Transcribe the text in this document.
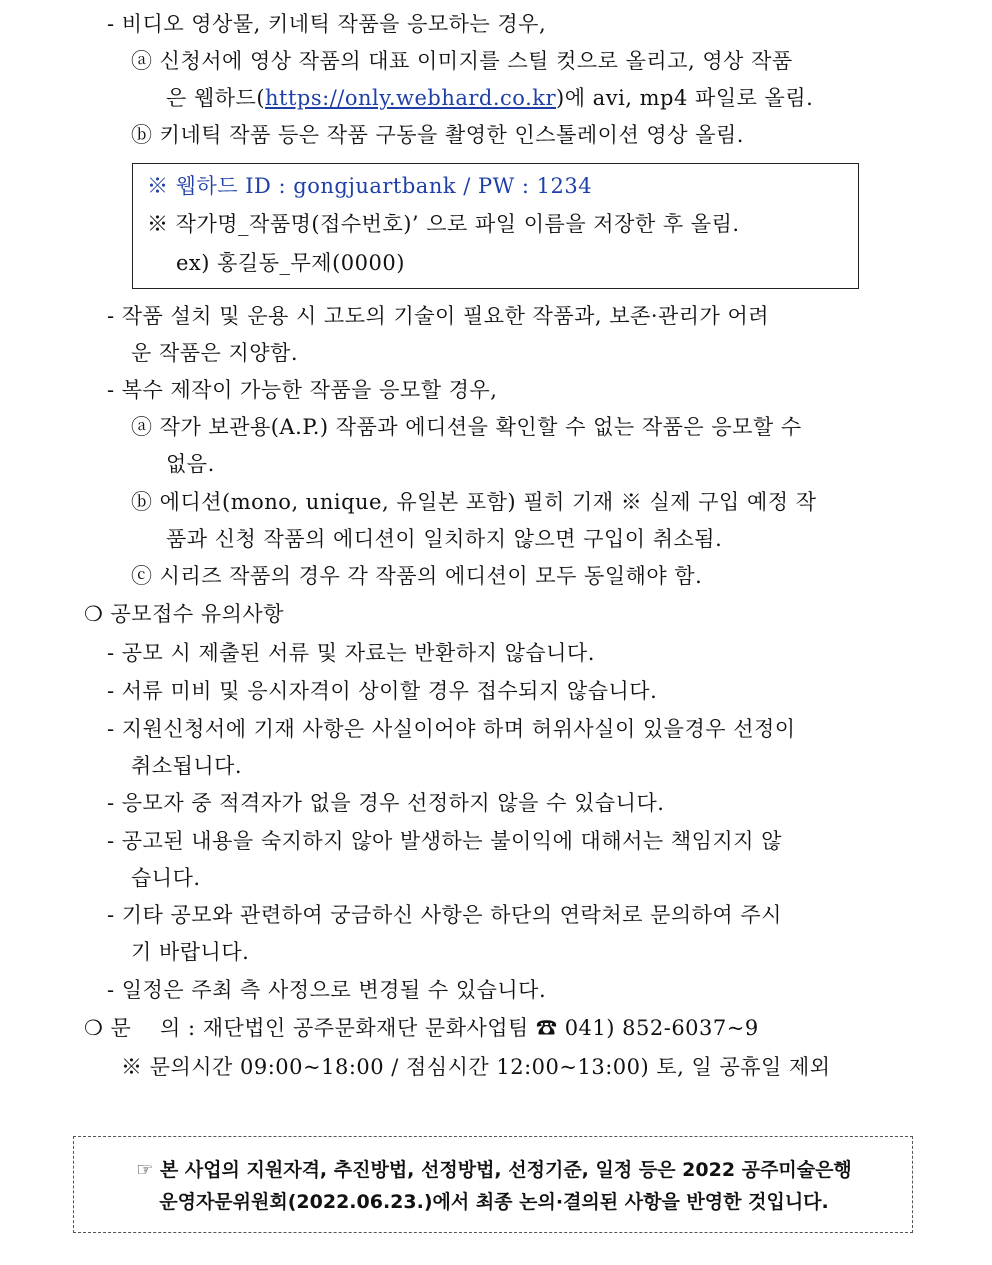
- 비디오 영상물, 키네틱 작품을 응모하는 경우,
ⓐ 신청서에 영상 작품의 대표 이미지를 스틸 컷으로 올리고, 영상 작품
은 웹하드(https://only.webhard.co.kr)에 avi, mp4 파일로 올림.
ⓑ 키네틱 작품 등은 작품 구동을 촬영한 인스톨레이션 영상 올림.
※ 웹하드 ID : gongjuartbank / PW : 1234
※ 작가명_작품명(접수번호)’ 으로 파일 이름을 저장한 후 올림.
ex) 홍길동_무제(0000)
- 작품 설치 및 운용 시 고도의 기술이 필요한 작품과, 보존·관리가 어려
운 작품은 지양함.
- 복수 제작이 가능한 작품을 응모할 경우,
ⓐ 작가 보관용(A.P.) 작품과 에디션을 확인할 수 없는 작품은 응모할 수
없음.
ⓑ 에디션(mono, unique, 유일본 포함) 필히 기재 ※ 실제 구입 예정 작
품과 신청 작품의 에디션이 일치하지 않으면 구입이 취소됨.
ⓒ 시리즈 작품의 경우 각 작품의 에디션이 모두 동일해야 함.
❍ 공모접수 유의사항
- 공모 시 제출된 서류 및 자료는 반환하지 않습니다.
- 서류 미비 및 응시자격이 상이할 경우 접수되지 않습니다.
- 지원신청서에 기재 사항은 사실이어야 하며 허위사실이 있을경우 선정이
취소됩니다.
- 응모자 중 적격자가 없을 경우 선정하지 않을 수 있습니다.
- 공고된 내용을 숙지하지 않아 발생하는 불이익에 대해서는 책임지지 않
습니다.
- 기타 공모와 관련하여 궁금하신 사항은 하단의 연락처로 문의하여 주시
기 바랍니다.
- 일정은 주최 측 사정으로 변경될 수 있습니다.
❍ 문    의 : 재단법인 공주문화재단 문화사업팀 ☎ 041) 852-6037~9
※ 문의시간 09:00~18:00 / 점심시간 12:00~13:00) 토, 일 공휴일 제외
☞ 본 사업의 지원자격, 추진방법, 선정방법, 선정기준, 일정 등은 2022 공주미술은행
운영자문위원회(2022.06.23.)에서 최종 논의·결의된 사항을 반영한 것입니다.
